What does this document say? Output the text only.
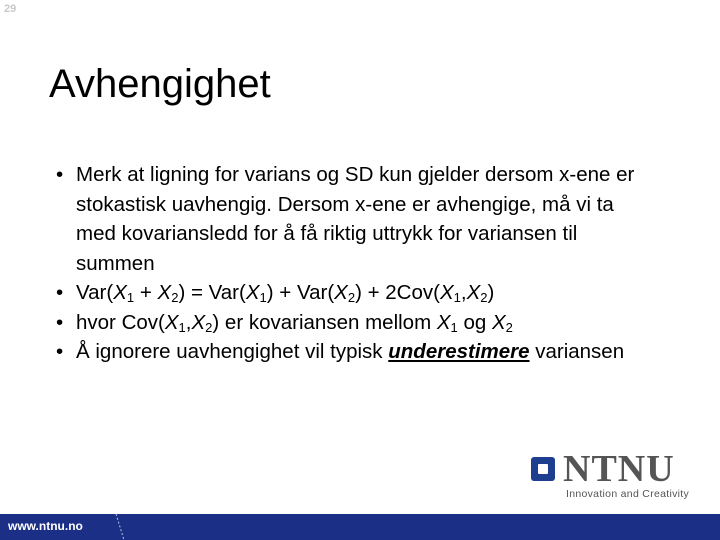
29
Avhengighet
• Merk at ligning for varians og SD kun gjelder dersom x-ene er stokastisk uavhengig. Dersom x-ene er avhengige, må vi ta med kovariansledd for å få riktig uttrykk for variansen til summen
• $Var(X_1 + X_2) = Var(X_1) + Var(X_2) + 2Cov(X_1,X_2)$
• hvor $Cov(X_1,X_2)$ er kovariansen mellom $X_1$ og $X_2$
• Å ignorere uavhengighet vil typisk underestimere variansen
NTNU
Innovation and Creativity
www.ntnu.no
